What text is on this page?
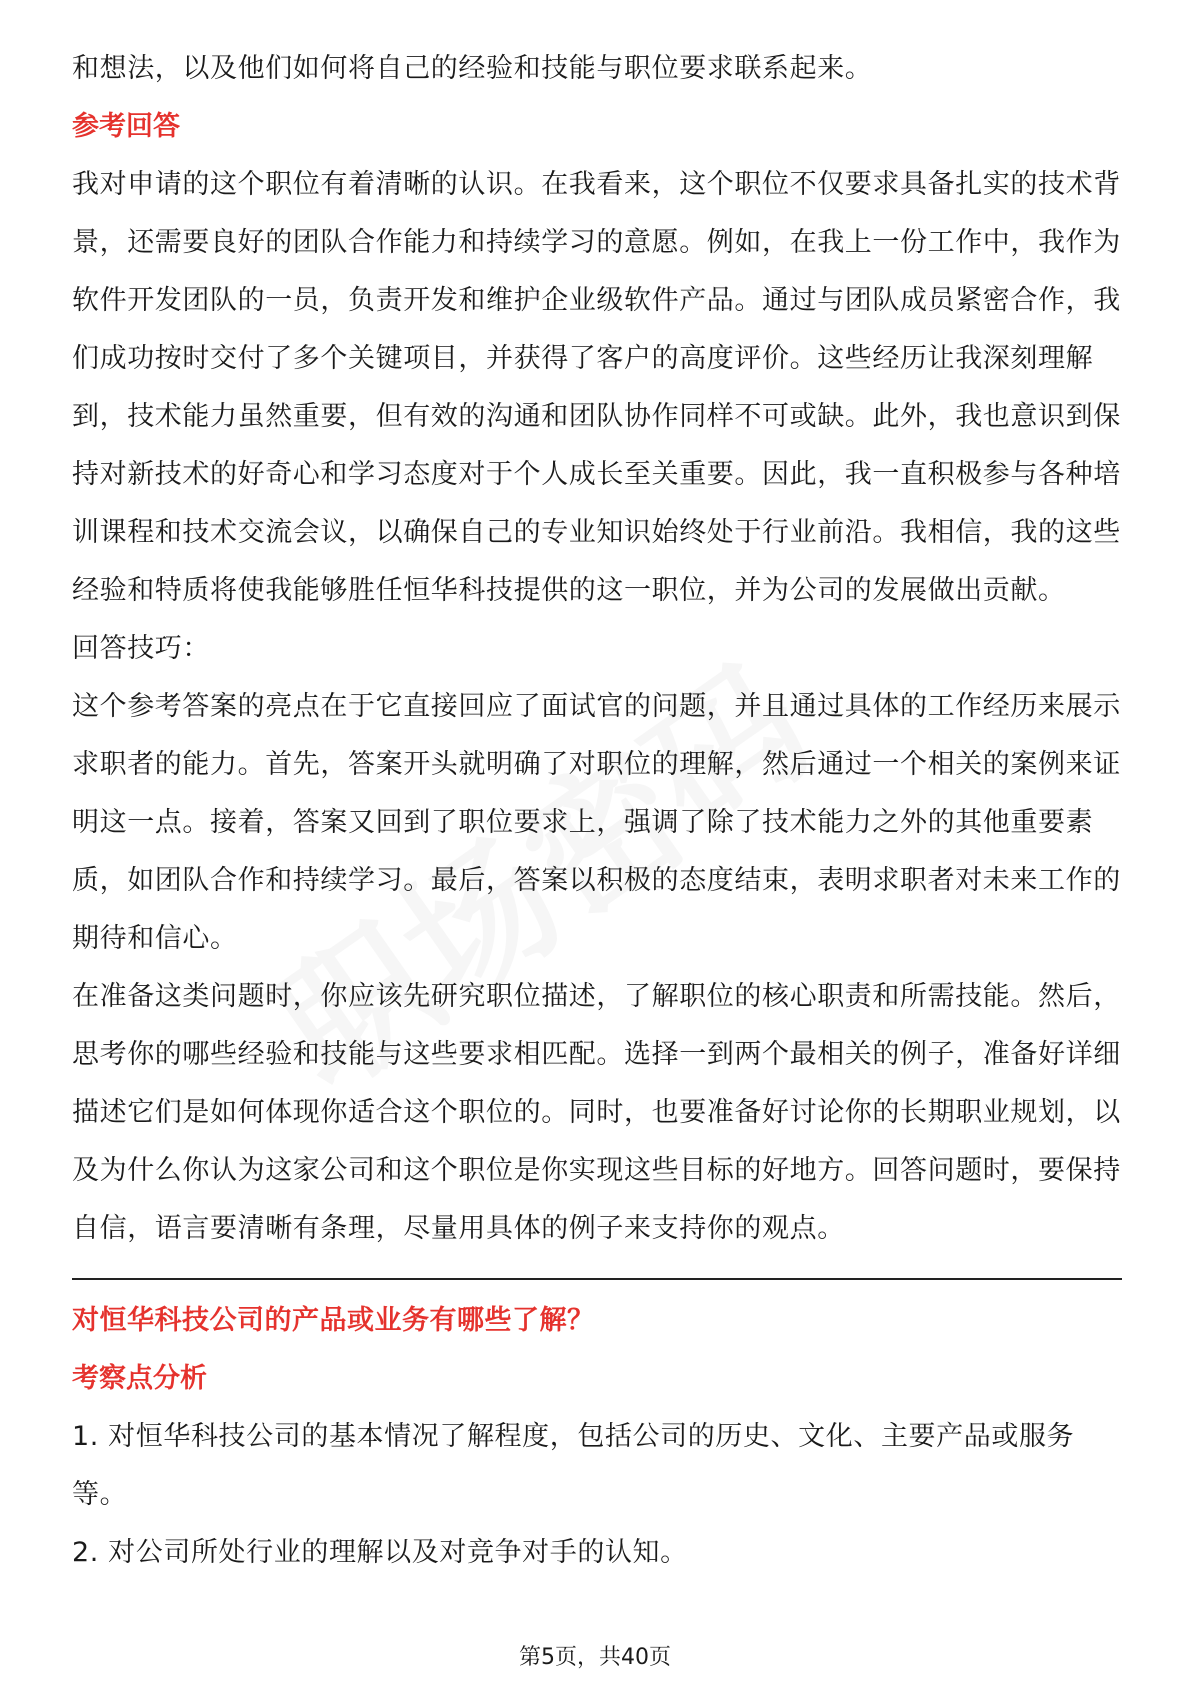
和想法，以及他们如何将自己的经验和技能与职位要求联系起来。

参考回答

我对申请的这个职位有着清晰的认识。在我看来，这个职位不仅要求具备扎实的技术背景，还需要良好的团队合作能力和持续学习的意愿。例如，在我上一份工作中，我作为软件开发团队的一员，负责开发和维护企业级软件产品。通过与团队成员紧密合作，我们成功按时交付了多个关键项目，并获得了客户的高度评价。这些经历让我深刻理解到，技术能力虽然重要，但有效的沟通和团队协作同样不可或缺。此外，我也意识到保持对新技术的好奇心和学习态度对于个人成长至关重要。因此，我一直积极参与各种培训课程和技术交流会议，以确保自己的专业知识始终处于行业前沿。我相信，我的这些经验和特质将使我能够胜任恒华科技提供的这一职位，并为公司的发展做出贡献。

回答技巧：

这个参考答案的亮点在于它直接回应了面试官的问题，并且通过具体的工作经历来展示求职者的能力。首先，答案开头就明确了对职位的理解，然后通过一个相关的案例来证明这一点。接着，答案又回到了职位要求上，强调了除了技术能力之外的其他重要素质，如团队合作和持续学习。最后，答案以积极的态度结束，表明求职者对未来工作的期待和信心。

在准备这类问题时，你应该先研究职位描述，了解职位的核心职责和所需技能。然后，思考你的哪些经验和技能与这些要求相匹配。选择一到两个最相关的例子，准备好详细描述它们是如何体现你适合这个职位的。同时，也要准备好讨论你的长期职业规划，以及为什么你认为这家公司和这个职位是你实现这些目标的好地方。回答问题时，要保持自信，语言要清晰有条理，尽量用具体的例子来支持你的观点。

对恒华科技公司的产品或业务有哪些了解？
考察点分析

1. 对恒华科技公司的基本情况了解程度，包括公司的历史、文化、主要产品或服务等。

2. 对公司所处行业的理解以及对竞争对手的认知。

第5页，共40页
